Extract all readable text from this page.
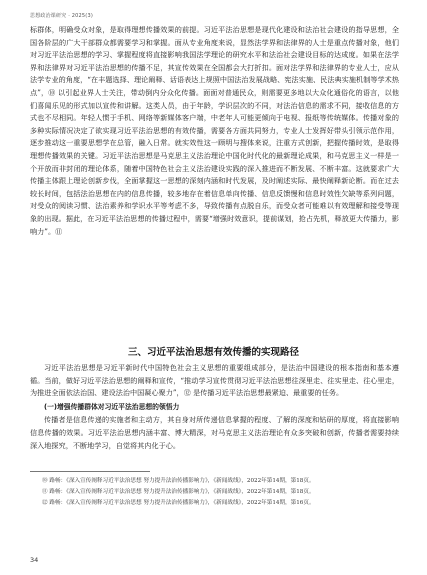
思想政治课研究 · 2025(3)

标群体，明确受众对象，是取得理想传播效果的前提。习近平法治思想是现代化建设和法治社会建设的指导思想，全国各阶层的广大干部群众都需要学习和掌握。面从专业角度来说，显然法学界和法律界的人士是重点传播对象，他们对习近平法治思想的学习、掌握程度将直接影响我国法学理论的研究水平和法治社会建设目标的达成度。如果在法学界和法律界对习近平法治思想的传播不足，其宣传效果在全国都会大打折扣。面对法学界和法律界的专业人士，应从法学专业的角度，“在丰题选择、理论阐释、话语表达上规照中国法治发展战略、宪法实施、民法典实施机制等学术热点”，⑩ 以引起业界人士关注，带动倒内分众化传播。面面对普通民众，则需要更多地以大众化通俗化的语言，以他们喜闻乐见的形式加以宣传和讲解。这类人员，由于年龄，学识层次的不同，对法治信息的需求不同，接收信息的方式也不尽相同。年轻人惯于手机、网络等新媒体客户端，中老年人可能更倾向于电视、报纸等传统媒体。传播对象的多种实际情况决定了欲实现习近平法治思想的有效传播，需要各方面共同努力，专业人士发挥好带头引领示范作用，逐步推动这一重要思想学在总管，融入日常。就实效性这一顾明与搜体来说，注重方式创新，把握传播时效，是取得理想传播效果的关键。习近平法治思想是马克思主义法治理论中国化时代化的最新理论成果，和马克思主义一样是一个开放而非封闭的理论体系，随着中国特色社会主义法治建设实践的深入推进而不断发展、不断丰富。这就要求广大传播主体跟上理论创新步伐，全面掌握这一思想的深刻内涵和时代发展，及时阐述实际、最快阐释新论断。而在过去较长时间，包括法治思想在内的信息传播，较多地存在着信息单向传播、信息反馈慢和信息时效性欠缺等系列问题，对受众的阅读习惯、法治素养和学识水平等考虑不多，导致传播有点脱自乐，而受众者可能难以有效理解和接受等现象的出现。据此，在习近平法治思想的传播过程中，需要“增强时效意识，提前谋划，抢占先机，释放更大传播力，影响力”。⑪

三、习近平法治思想有效传播的实现路径

习近平法治思想是习近平新时代中国特色社会主义思想的重要组成部分，是法治中国建设的根本指南和基本遵循。当前，做好习近平法治思想的阐释和宣传，“推动学习宣传贯彻习近平法治思想往深里走、往实里走、往心里走，为推进全面依法治国、建设法治中国凝心聚力”，⑫ 是传播习近平法治思想最紧迫、最重要的任务。

(一)增强传播群体对习近平法治思想的领悟力

传播者是信息传递的实施者和主动方，其自身对所传递信息掌握的程度、了解的深度和钻研的厚度，将直接影响信息传播的效果。习近平法治思想内涵丰富、博大精深，对马克思主义法治理论有众多突破和创新，传播者需要持续深入地探究，不断地学习，自觉将其内化于心。

⑩ 路畅：《深入宣传阐释习近平法治思想 努力提升法治传播影响力》，《新闻战线》，2022年第14期，第18页。
⑪ 路畅：《深入宣传阐释习近平法治思想 努力提升法治传播影响力》，《新闻战线》，2022年第14期，第18页。
⑫ 路畅：《深入宣传阐释习近平法治思想 努力提升法治传播影响力》，《新闻战线》，2022年第14期，第16页。
34
